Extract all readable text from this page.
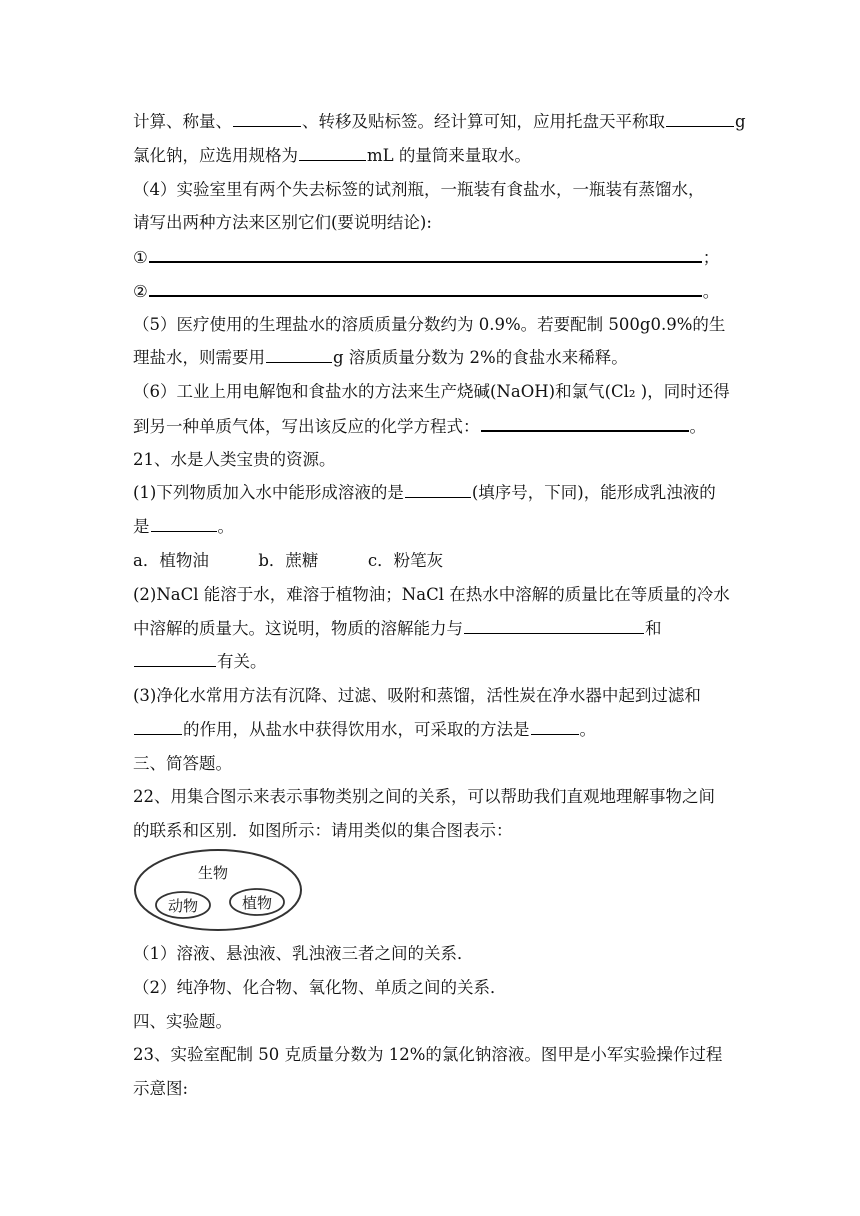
计算、称量、	、转移及贴标签。经计算可知，应用托盘天平称取	g
氯化钠，应选用规格为	mL 的量筒来量取水。
（4）实验室里有两个失去标签的试剂瓶，一瓶装有食盐水，一瓶装有蒸馏水，
请写出两种方法来区别它们(要说明结论):
①	；
②	。
（5）医疗使用的生理盐水的溶质质量分数约为 0.9%。若要配制 500g0.9%的生
理盐水，则需要用	g 溶质质量分数为 2%的食盐水来稀释。
（6）工业上用电解饱和食盐水的方法来生产烧碱(NaOH)和氯气(Cl₂ )，同时还得
到另一种单质气体，写出该反应的化学方程式：	。
21、水是人类宝贵的资源。
(1)下列物质加入水中能形成溶液的是	(填序号，下同)，能形成乳浊液的
是	。
a．植物油　　　b．蔗糖　　　c．粉笔灰
(2)NaCl 能溶于水，难溶于植物油；NaCl 在热水中溶解的质量比在等质量的冷水
中溶解的质量大。这说明，物质的溶解能力与	和
有关。
(3)净化水常用方法有沉降、过滤、吸附和蒸馏，活性炭在净水器中起到过滤和
的作用，从盐水中获得饮用水，可采取的方法是	。
三、简答题。
22、用集合图示来表示事物类别之间的关系，可以帮助我们直观地理解事物之间
的联系和区别．如图所示：请用类似的集合图表示：
生物
动物	植物
（1）溶液、悬浊液、乳浊液三者之间的关系．
（2）纯净物、化合物、氧化物、单质之间的关系．
四、实验题。
23、实验室配制 50 克质量分数为 12%的氯化钠溶液。图甲是小军实验操作过程
示意图:
